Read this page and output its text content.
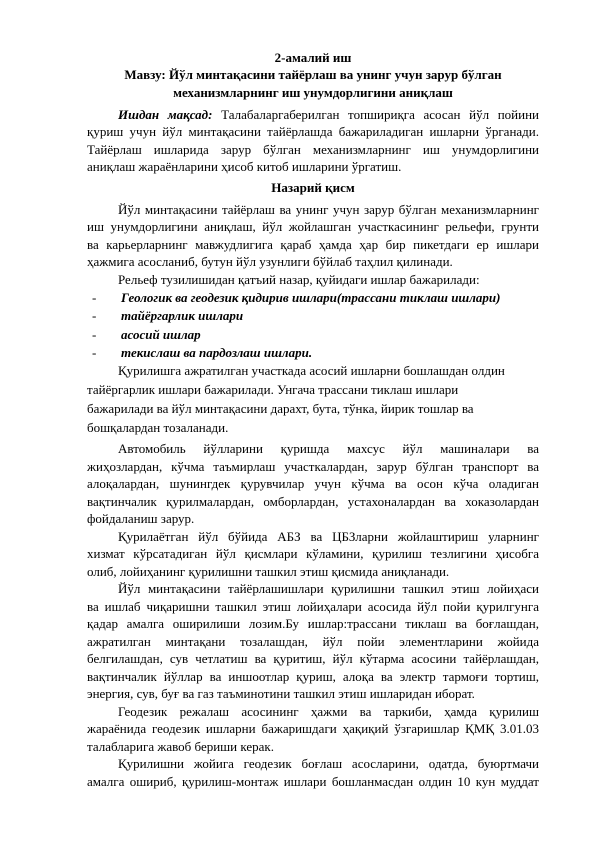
2-амалий иш
Мавзу: Йўл минтақасини тайёрлаш ва унинг учун зарур бўлган
механизмларнинг иш унумдорлигини аниқлаш
Ишдан мақсад: Талабаларгаберилган топшириқга асосан йўл пойини
қуриш учун йўл минтақасини тайёрлашда бажариладиган ишларни ўрганади.
Тайёрлаш ишларида зарур бўлган механизмларнинг иш унумдорлигини
аниқлаш жараёнларини ҳисоб китоб ишларини ўргатиш.
Назарий қисм
Йўл минтақасини тайёрлаш ва унинг учун зарур бўлган механизмларнинг
иш унумдорлигини аниқлаш, йўл жойлашган участкасининг рельефи, грунти
ва карьерларнинг мавжудлигига қараб ҳамда ҳар бир пикетдаги ер ишлари
ҳажмига асосланиб, бутун йўл узунлиги бўйлаб таҳлил қилинади.
Рельеф тузилишидан қатъий назар, қуйидаги ишлар бажарилади:
- Геологик ва геодезик қидирив ишлари(трассани тиклаш ишлари)
- тайёргарлик ишлари
- асосий ишлар
- текислаш ва пардозлаш ишлари.
Қурилишга ажратилган участкада асосий ишларни бошлашдан олдин
тайёргарлик ишлари бажарилади. Унгача трассани тиклаш ишлари
бажарилади ва йўл минтақасини дарахт, бута, тўнка, йирик тошлар ва
бошқалардан тозаланади.
Автомобиль йўлларини қуришда махсус йўл машиналари ва
жиҳозлардан, кўчма таъмирлаш участкалардан, зарур бўлган транспорт ва
алоқалардан, шунингдек қурувчилар учун кўчма ва осон кўча оладиган
вақтинчалик қурилмалардан, омборлардан, устахоналардан ва хоказолардан
фойдаланиш зарур.
Қурилаётган йўл бўйида АБЗ ва ЦБЗларни жойлаштириш уларнинг
хизмат кўрсатадиган йўл қисмлари кўламини, қурилиш тезлигини ҳисобга
олиб, лойиҳанинг қурилишни ташкил этиш қисмида аниқланади.
Йўл минтақасини тайёрлашишлари қурилишни ташкил этиш лойиҳаси
ва ишлаб чиқаришни ташкил этиш лойиҳалари асосида йўл пойи қурилгунга
қадар амалга оширилиши лозим.Бу ишлар:трассани тиклаш ва боғлашдан,
ажратилган минтақани тозалашдан, йўл пойи элементларини жойида
белгилашдан, сув четлатиш ва қуритиш, йўл кўтарма асосини тайёрлашдан,
вақтинчалик йўллар ва иншоотлар қуриш, алоқа ва электр тармоғи тортиш,
энергия, сув, буғ ва газ таъминотини ташкил этиш ишларидан иборат.
Геодезик режалаш асосининг ҳажми ва таркиби, ҳамда қурилиш
жараёнида геодезик ишларни бажаришдаги ҳақиқий ўзгаришлар ҚМҚ 3.01.03
талабларига жавоб бериши керак.
Қурилишни жойига геодезик боғлаш асосларини, одатда, буюртмачи
амалга ошириб, қурилиш-монтаж ишлари бошланмасдан олдин 10 кун муддат
